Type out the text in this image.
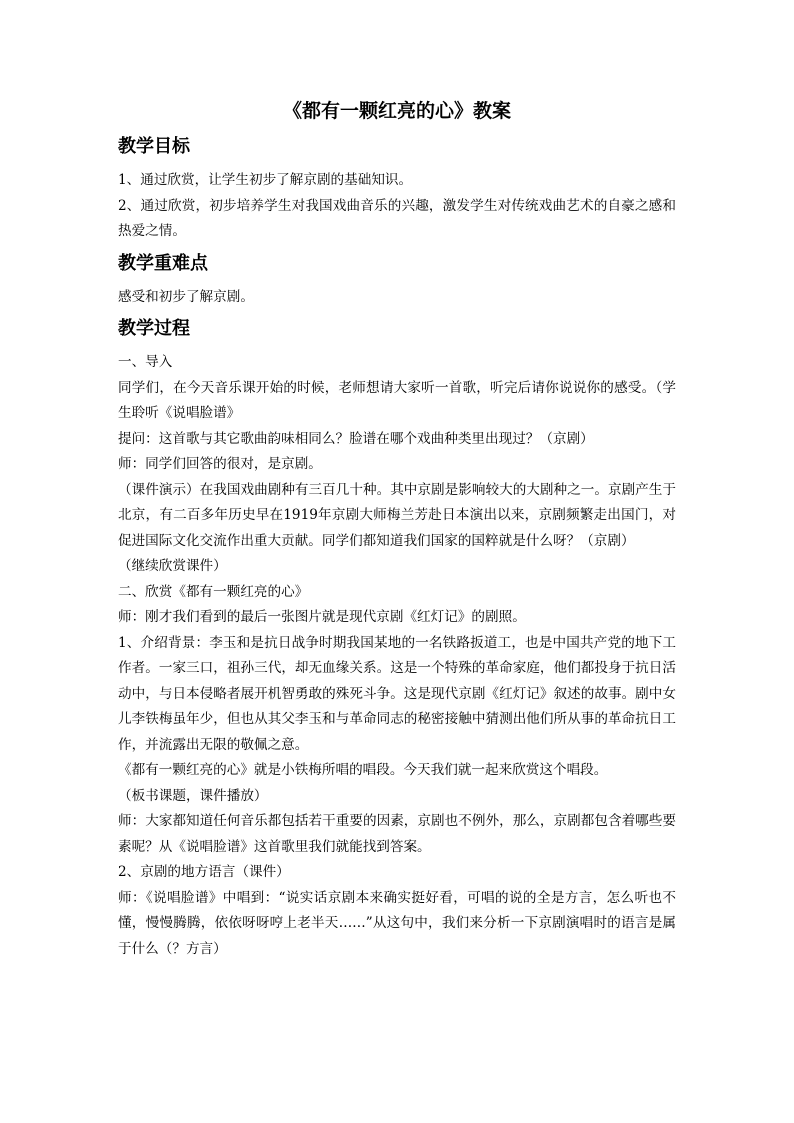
《都有一颗红亮的心》教案
教学目标

1、通过欣赏，让学生初步了解京剧的基础知识。

2、通过欣赏，初步培养学生对我国戏曲音乐的兴趣，激发学生对传统戏曲艺术的自豪之感和热爱之情。

教学重难点

感受和初步了解京剧。

教学过程

一、导入

同学们，在今天音乐课开始的时候，老师想请大家听一首歌，听完后请你说说你的感受。（学生聆听《说唱脸谱》

提问：这首歌与其它歌曲韵味相同么？脸谱在哪个戏曲种类里出现过？（京剧）

师：同学们回答的很对，是京剧。

（课件演示）在我国戏曲剧种有三百几十种。其中京剧是影响较大的大剧种之一。京剧产生于北京，有二百多年历史早在1919年京剧大师梅兰芳赴日本演出以来，京剧频繁走出国门，对促进国际文化交流作出重大贡献。同学们都知道我们国家的国粹就是什么呀？（京剧）

（继续欣赏课件）

二、欣赏《都有一颗红亮的心》

师：刚才我们看到的最后一张图片就是现代京剧《红灯记》的剧照。

1、介绍背景：李玉和是抗日战争时期我国某地的一名铁路扳道工，也是中国共产党的地下工作者。一家三口，祖孙三代，却无血缘关系。这是一个特殊的革命家庭，他们都投身于抗日活动中，与日本侵略者展开机智勇敢的殊死斗争。这是现代京剧《红灯记》叙述的故事。剧中女儿李铁梅虽年少，但也从其父李玉和与革命同志的秘密接触中猜测出他们所从事的革命抗日工作，并流露出无限的敬佩之意。

《都有一颗红亮的心》就是小铁梅所唱的唱段。今天我们就一起来欣赏这个唱段。

（板书课题，课件播放）

师：大家都知道任何音乐都包括若干重要的因素，京剧也不例外，那么，京剧都包含着哪些要素呢？从《说唱脸谱》这首歌里我们就能找到答案。

2、京剧的地方语言（课件）

师：《说唱脸谱》中唱到：“说实话京剧本来确实挺好看，可唱的说的全是方言，怎么听也不懂，慢慢腾腾，依依呀呀哼上老半天……”从这句中，我们来分析一下京剧演唱时的语言是属于什么（？方言）
